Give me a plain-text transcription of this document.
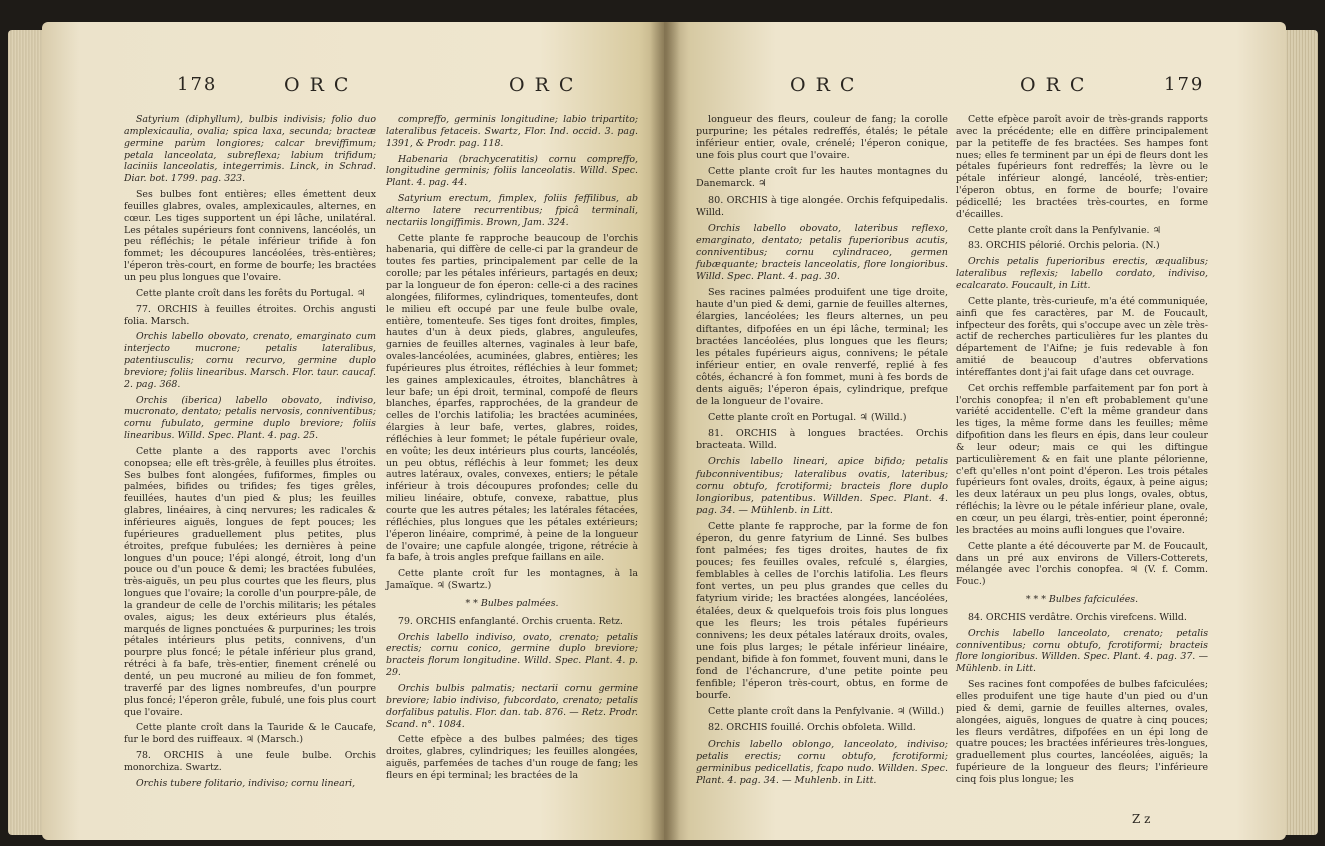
178	ORC	ORC

Satyrium (diphyllum), bulbis indivisis; folio duo amplexicaulia, ovalia; spica laxa, secunda; bracteæ germine parùm longiores; calcar breviffimum; petala lanceolata, subreflexa; labium trifidum; laciniis lanceolatis, integerrimis. Linck, in Schrad. Diar. bot. 1799. pag. 323.

Ses bulbes font entières; elles émettent deux feuilles glabres, ovales, amplexicaules, alternes, en cœur. Les tiges supportent un épi lâche, unilatéral. Les pétales supérieurs font connivens, lancéolés, un peu réfléchis; le pétale inférieur trifide à fon fommet; les découpures lancéolées, très-entières; l'éperon très-court, en forme de bourfe; les bractées un peu plus longues que l'ovaire.

Cette plante croît dans les forêts du Portugal. ♃

77. ORCHIS à feuilles étroites. Orchis angusti folia. Marsch.

Orchis labello obovato, crenato, emarginato cum interjecto mucrone; petalis lateralibus, patentiusculis; cornu recurvo, germine duplo breviore; foliis linearibus. Marsch. Flor. taur. caucaf. 2. pag. 368.

Orchis (iberica) labello obovato, indiviso, mucronato, dentato; petalis nervosis, conniventibus; cornu fubulato, germine duplo breviore; foliis linearibus. Willd. Spec. Plant. 4. pag. 25.

Cette plante a des rapports avec l'orchis conopsea; elle eft très-grêle, à feuilles plus étroites. Ses bulbes font alongées, fufiformes, fimples ou palmées, bifides ou trifides; fes tiges grêles, feuillées, hautes d'un pied & plus; les feuilles glabres, linéaires, à cinq nervures; les radicales & inférieures aiguës, longues de fept pouces; les fupérieures graduellement plus petites, plus étroites, prefque fubulées; les dernières à peine longues d'un pouce; l'épi alongé, étroit, long d'un pouce ou d'un pouce & demi; les bractées fubulées, très-aiguës, un peu plus courtes que les fleurs, plus longues que l'ovaire; la corolle d'un pourpre-pâle, de la grandeur de celle de l'orchis militaris; les pétales ovales, aigus; les deux extérieurs plus étalés, marqués de lignes ponctuées & purpurines; les trois pétales intérieurs plus petits, connivens, d'un pourpre plus foncé; le pétale inférieur plus grand, rétréci à fa bafe, très-entier, finement crénelé ou denté, un peu mucroné au milieu de fon fommet, traverfé par des lignes nombreufes, d'un pourpre plus foncé; l'éperon grêle, fubulé, une fois plus court que l'ovaire.

Cette plante croît dans la Tauride & le Caucafe, fur le bord des ruiffeaux. ♃ (Marsch.)

78. ORCHIS à une feule bulbe. Orchis monorchiza. Swartz.

Orchis tubere folitario, indiviso; cornu lineari,

compreffo, germinis longitudine; labio tripartito; lateralibus fetaceis. Swartz, Flor. Ind. occid. 3. pag. 1391, & Prodr. pag. 118.

Habenaria (brachyceratitis) cornu compreffo, longitudine germinis; foliis lanceolatis. Willd. Spec. Plant. 4. pag. 44.

Satyrium erectum, fimplex, foliis feffilibus, ab alterno latere recurrentibus; fpicâ terminali, nectariis longiffimis. Brown, Jam. 324.

Cette plante fe rapproche beaucoup de l'orchis habenaria, qui diffère de celle-ci par la grandeur de toutes fes parties, principalement par celle de la corolle; par les pétales inférieurs, partagés en deux; par la longueur de fon éperon: celle-ci a des racines alongées, filiformes, cylindriques, tomenteufes, dont le milieu eft occupé par une feule bulbe ovale, entière, tomenteufe. Ses tiges font droites, fimples, hautes d'un à deux pieds, glabres, anguleufes, garnies de feuilles alternes, vaginales à leur bafe, ovales-lancéolées, acuminées, glabres, entières; les fupérieures plus étroites, réfléchies à leur fommet; les gaines amplexicaules, étroites, blanchâtres à leur bafe; un épi droit, terminal, compofé de fleurs blanches, éparfes, rapprochées, de la grandeur de celles de l'orchis latifolia; les bractées acuminées, élargies à leur bafe, vertes, glabres, roides, réfléchies à leur fommet; le pétale fupérieur ovale, en voûte; les deux intérieurs plus courts, lancéolés, un peu obtus, réfléchis à leur fommet; les deux autres latéraux, ovales, convexes, entiers; le pétale inférieur à trois découpures profondes; celle du milieu linéaire, obtufe, convexe, rabattue, plus courte que les autres pétales; les latérales fétacées, réfléchies, plus longues que les pétales extérieurs; l'éperon linéaire, comprimé, à peine de la longueur de l'ovaire; une capfule alongée, trigone, rétrécie à fa bafe, à trois angles prefque faillans en aile.

Cette plante croît fur les montagnes, à la Jamaïque. ♃ (Swartz.)

* * Bulbes palmées.

79. ORCHIS enfanglanté. Orchis cruenta. Retz.

Orchis labello indiviso, ovato, crenato; petalis erectis; cornu conico, germine duplo breviore; bracteis florum longitudine. Willd. Spec. Plant. 4. p. 29.

Orchis bulbis palmatis; nectarii cornu germine breviore; labio indiviso, fubcordato, crenato; petalis dorfalibus patulis. Flor. dan. tab. 876. — Retz. Prodr. Scand. n°. 1084.

Cette efpèce a des bulbes palmées; des tiges droites, glabres, cylindriques; les feuilles alongées, aiguës, parfemées de taches d'un rouge de fang; les fleurs en épi terminal; les bractées de la

ORC	ORC	179

longueur des fleurs, couleur de fang; la corolle purpurine; les pétales redreffés, étalés; le pétale inférieur entier, ovale, crénelé; l'éperon conique, une fois plus court que l'ovaire.

Cette plante croît fur les hautes montagnes du Danemarck. ♃

80. ORCHIS à tige alongée. Orchis fefquipedalis. Willd.

Orchis labello obovato, lateribus reflexo, emarginato, dentato; petalis fuperioribus acutis, conniventibus; cornu cylindraceo, germen fubæquante; bracteis lanceolatis, flore longioribus. Willd. Spec. Plant. 4. pag. 30.

Ses racines palmées produifent une tige droite, haute d'un pied & demi, garnie de feuilles alternes, élargies, lancéolées; les fleurs alternes, un peu diftantes, difpofées en un épi lâche, terminal; les bractées lancéolées, plus longues que les fleurs; les pétales fupérieurs aigus, connivens; le pétale inférieur entier, en ovale renverfé, replié à fes côtés, échancré à fon fommet, muni à fes bords de dents aiguës; l'éperon épais, cylindrique, prefque de la longueur de l'ovaire.

Cette plante croît en Portugal. ♃ (Willd.)

81. ORCHIS à longues bractées. Orchis bracteata. Willd.

Orchis labello lineari, apice bifido; petalis fubconniventibus; lateralibus ovatis, lateribus; cornu obtufo, fcrotiformi; bracteis flore duplo longioribus, patentibus. Willden. Spec. Plant. 4. pag. 34. — Mühlenb. in Litt.

Cette plante fe rapproche, par la forme de fon éperon, du genre fatyrium de Linné. Ses bulbes font palmées; fes tiges droites, hautes de fix pouces; fes feuilles ovales, refculé s, élargies, femblables à celles de l'orchis latifolia. Les fleurs font vertes, un peu plus grandes que celles du fatyrium viride; les bractées alongées, lancéolées, étalées, deux & quelquefois trois fois plus longues que les fleurs; les trois pétales fupérieurs connivens; les deux pétales latéraux droits, ovales, une fois plus larges; le pétale inférieur linéaire, pendant, bifide à fon fommet, fouvent muni, dans le fond de l'échancrure, d'une petite pointe peu fenfible; l'éperon très-court, obtus, en forme de bourfe.

Cette plante croît dans la Penfylvanie. ♃ (Willd.)

82. ORCHIS fouillé. Orchis obfoleta. Willd.

Orchis labello oblongo, lanceolato, indiviso; petalis erectis; cornu obtufo, fcrotiformi; germinibus pedicellatis, fcapo nudo. Willden. Spec. Plant. 4. pag. 34. — Muhlenb. in Litt.

Cette efpèce paroît avoir de très-grands rapports avec la précédente; elle en diffère principalement par la petiteffe de fes bractées. Ses hampes font nues; elles fe terminent par un épi de fleurs dont les pétales fupérieurs font redreffés; la lèvre ou le pétale inférieur alongé, lancéolé, très-entier; l'éperon obtus, en forme de bourfe; l'ovaire pédicellé; les bractées très-courtes, en forme d'écailles.

Cette plante croît dans la Penfylvanie. ♃

83. ORCHIS pélorié. Orchis peloria. (N.)

Orchis petalis fuperioribus erectis, æqualibus; lateralibus reflexis; labello cordato, indiviso, ecalcarato. Foucault, in Litt.

Cette plante, très-curieufe, m'a été communiquée, ainfi que fes caractères, par M. de Foucault, infpecteur des forêts, qui s'occupe avec un zèle très-actif de recherches particulières fur les plantes du département de l'Aifne; je fuis redevable à fon amitié de beaucoup d'autres obfervations intéreffantes dont j'ai fait ufage dans cet ouvrage.

Cet orchis reffemble parfaitement par fon port à l'orchis conopfea; il n'en eft probablement qu'une variété accidentelle. C'eft la même grandeur dans les tiges, la même forme dans les feuilles; même difpofition dans les fleurs en épis, dans leur couleur & leur odeur; mais ce qui les diftingue particulièrement & en fait une plante pélorienne, c'eft qu'elles n'ont point d'éperon. Les trois pétales fupérieurs font ovales, droits, égaux, à peine aigus; les deux latéraux un peu plus longs, ovales, obtus, réfléchis; la lèvre ou le pétale inférieur plane, ovale, en cœur, un peu élargi, très-entier, point éperonné; les bractées au moins aufli longues que l'ovaire.

Cette plante a été découverte par M. de Foucault, dans un pré aux environs de Villers-Cotterets, mélangée avec l'orchis conopfea. ♃ (V. f. Comm. Fouc.)

* * * Bulbes fafciculées.

84. ORCHIS verdâtre. Orchis virefcens. Willd.

Orchis labello lanceolato, crenato; petalis conniventibus; cornu obtufo, fcrotiformi; bracteis flore longioribus. Willden. Spec. Plant. 4. pag. 37. — Mühlenb. in Litt.

Ses racines font compofées de bulbes fafciculées; elles produifent une tige haute d'un pied ou d'un pied & demi, garnie de feuilles alternes, ovales, alongées, aiguës, longues de quatre à cinq pouces; les fleurs verdâtres, difpofées en un épi long de quatre pouces; les bractées inférieures très-longues, graduellement plus courtes, lancéolées, aiguës; la fupérieure de la longueur des fleurs; l'inférieure cinq fois plus longue; les

Z z
